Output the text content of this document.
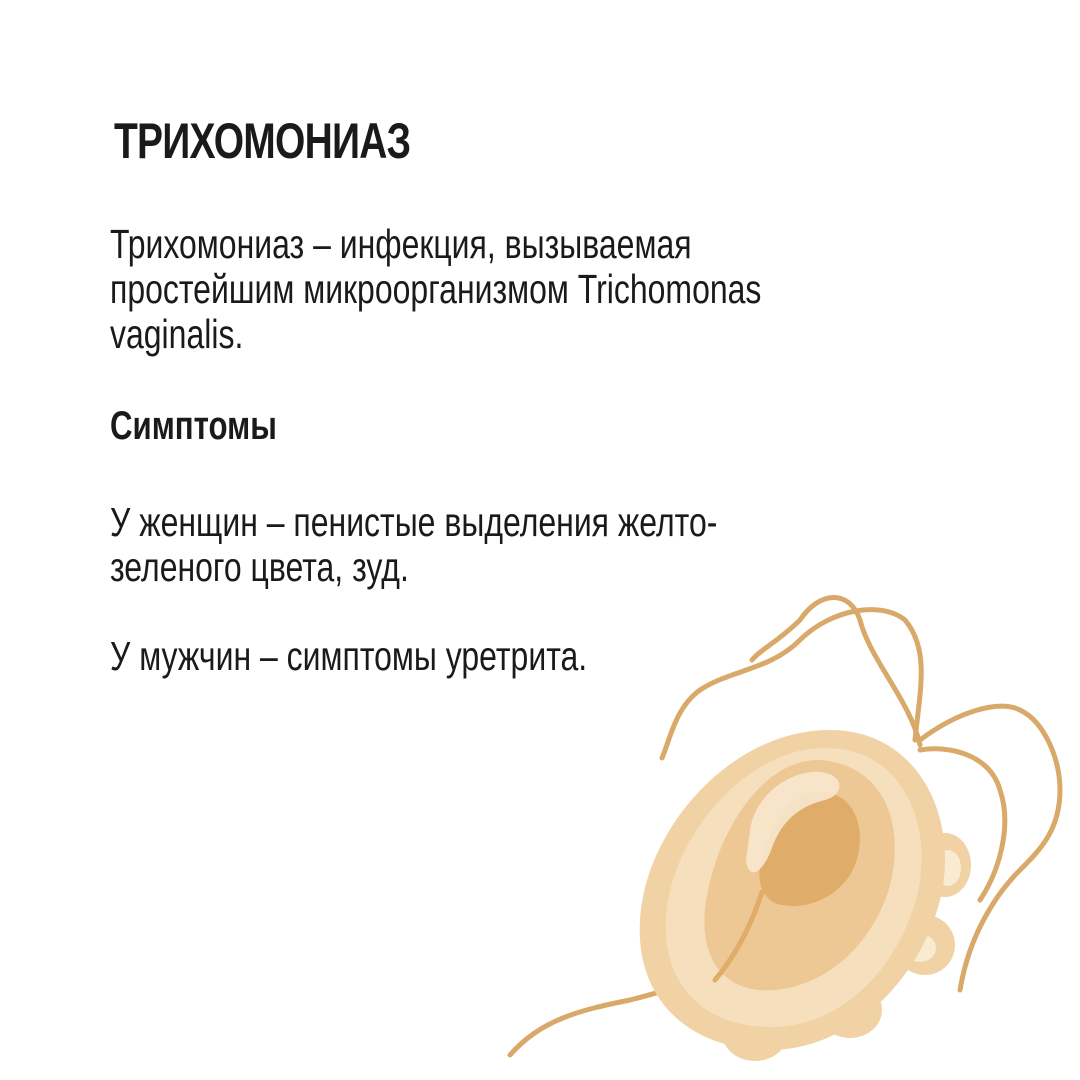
ТРИХОМОНИАЗ

Трихомониаз – инфекция, вызываемая
простейшим микроорганизмом Trichomonas
vaginalis.

Симптомы

У женщин – пенистые выделения желто-
зеленого цвета, зуд.

У мужчин – симптомы уретрита.
